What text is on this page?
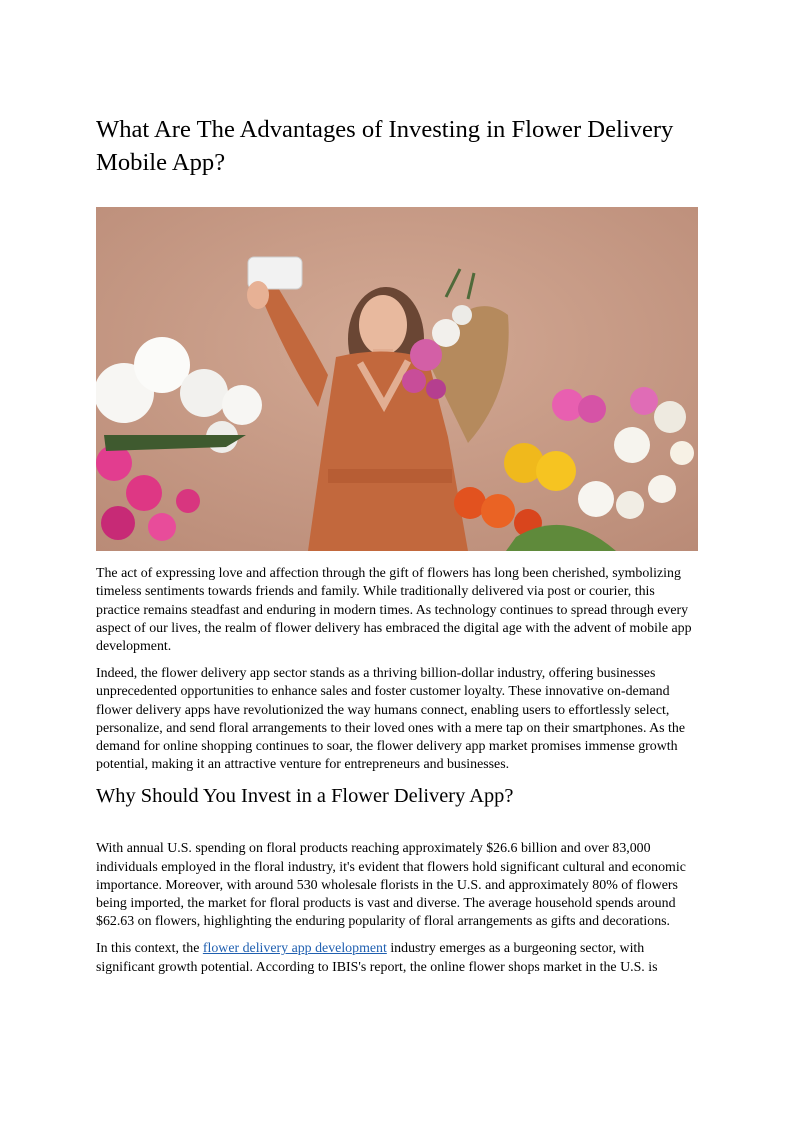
What Are The Advantages of Investing in Flower Delivery Mobile App?

The act of expressing love and affection through the gift of flowers has long been cherished, symbolizing timeless sentiments towards friends and family. While traditionally delivered via post or courier, this practice remains steadfast and enduring in modern times. As technology continues to spread through every aspect of our lives, the realm of flower delivery has embraced the digital age with the advent of mobile app development.

Indeed, the flower delivery app sector stands as a thriving billion-dollar industry, offering businesses unprecedented opportunities to enhance sales and foster customer loyalty. These innovative on-demand flower delivery apps have revolutionized the way humans connect, enabling users to effortlessly select, personalize, and send floral arrangements to their loved ones with a mere tap on their smartphones. As the demand for online shopping continues to soar, the flower delivery app market promises immense growth potential, making it an attractive venture for entrepreneurs and businesses.

Why Should You Invest in a Flower Delivery App?

With annual U.S. spending on floral products reaching approximately $26.6 billion and over 83,000 individuals employed in the floral industry, it's evident that flowers hold significant cultural and economic importance. Moreover, with around 530 wholesale florists in the U.S. and approximately 80% of flowers being imported, the market for floral products is vast and diverse. The average household spends around $62.63 on flowers, highlighting the enduring popularity of floral arrangements as gifts and decorations.

In this context, the flower delivery app development industry emerges as a burgeoning sector, with significant growth potential. According to IBIS's report, the online flower shops market in the U.S. is
